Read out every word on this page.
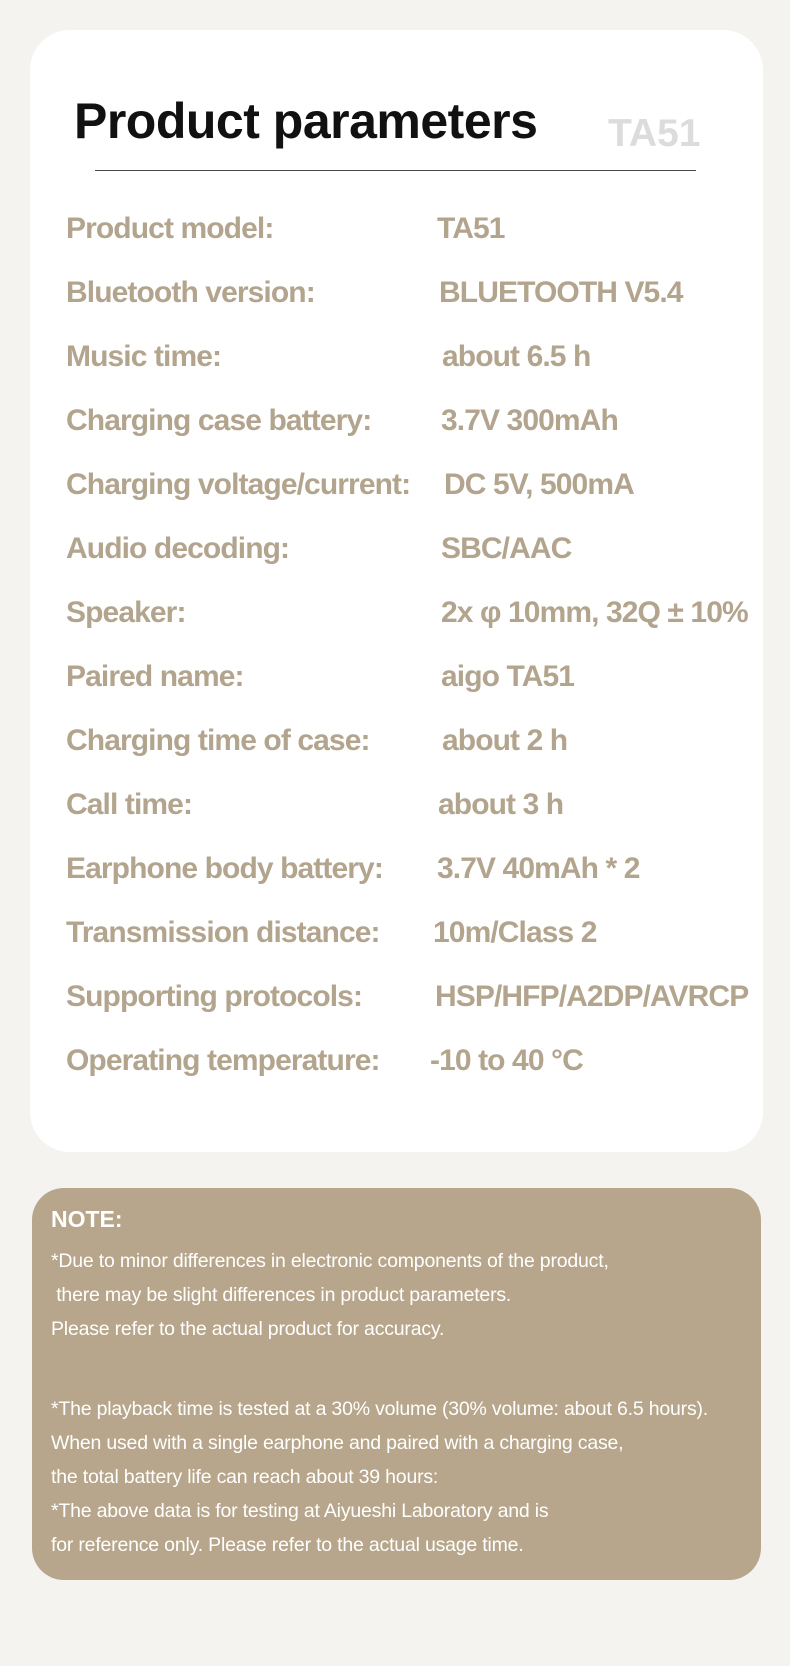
Product parameters TA51
Product model:	TA51
Bluetooth version:	BLUETOOTH V5.4
Music time:	about 6.5 h
Charging case battery: 3.7V 300mAh
Charging voltage/current: DC 5V, 500mA
Audio decoding:	SBC/AAC
Speaker:	2x φ 10mm, 32Q ± 10%
Paired name:	aigo TA51
Charging time of case: about 2 h
Call time:	about 3 h
Earphone body battery: 3.7V 40mAh * 2
Transmission distance: 10m/Class 2
Supporting protocols: HSP/HFP/A2DP/AVRCP
Operating temperature: -10 to 40 °C
NOTE:
*Due to minor differences in electronic components of the product,
there may be slight differences in product parameters.
Please refer to the actual product for accuracy.
*The playback time is tested at a 30% volume (30% volume: about 6.5 hours).
When used with a single earphone and paired with a charging case,
the total battery life can reach about 39 hours:
*The above data is for testing at Aiyueshi Laboratory and is
for reference only. Please refer to the actual usage time.
